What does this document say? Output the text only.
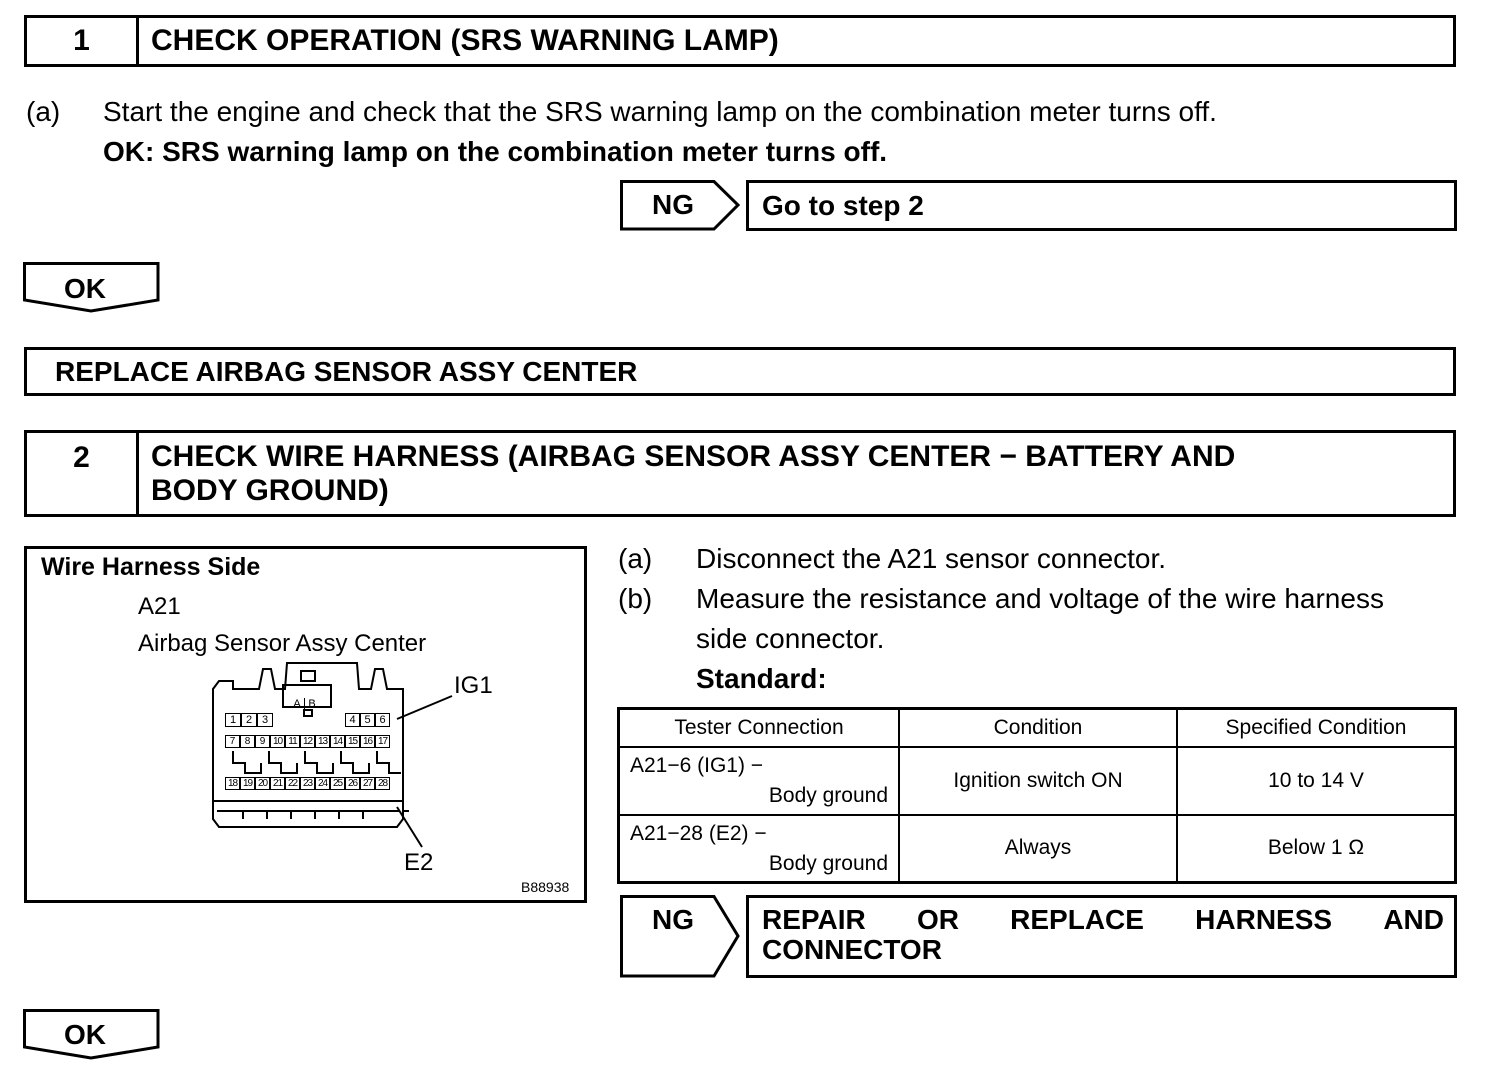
1	CHECK OPERATION (SRS WARNING LAMP)
(a) Start the engine and check that the SRS warning lamp on the combination meter turns off.
OK: SRS warning lamp on the combination meter turns off.
NG Go to step 2
OK
REPLACE AIRBAG SENSOR ASSY CENTER
2	CHECK WIRE HARNESS (AIRBAG SENSOR ASSY CENTER − BATTERY AND
BODY GROUND)
Wire Harness Side
A21
Airbag Sensor Assy Center
IG1
E2
B88938
1 2 3
A B
4 5 6
7 8 9 10 11 12 13 14 15 16 17
18 19 20 21 22 23 24 25 26 27 28
(a) Disconnect the A21 sensor connector.
(b) Measure the resistance and voltage of the wire harness
side connector.
Standard:
Tester Connection	Condition	Specified Condition

A21−6 (IG1) −
Body ground	Ignition switch ON	10 to 14 V

A21−28 (E2) −
Body ground	Always	Below 1 Ω
NG REPAIR OR REPLACE HARNESS AND
CONNECTOR
OK
